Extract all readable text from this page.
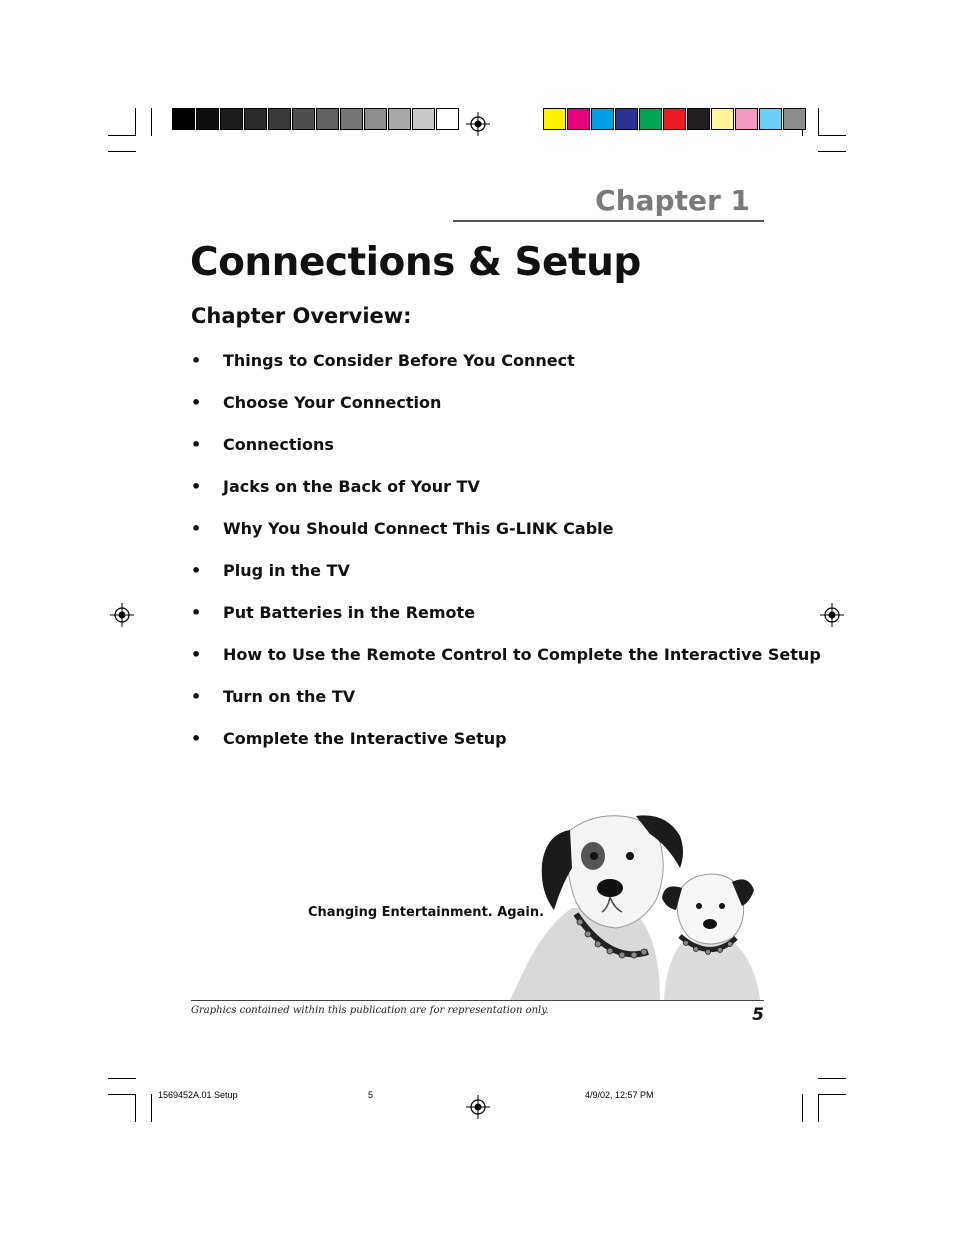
Chapter 1
Connections & Setup
Chapter Overview:
•	Things to Consider Before You Connect
•	Choose Your Connection
•	Connections
•	Jacks on the Back of Your TV
•	Why You Should Connect This G-LINK Cable
•	Plug in the TV
•	Put Batteries in the Remote
•	How to Use the Remote Control to Complete the Interactive Setup
•	Turn on the TV
•	Complete the Interactive Setup
Changing Entertainment. Again.
Graphics contained within this publication are for representation only.	5
1569452A.01 Setup	5	4/9/02, 12:57 PM
